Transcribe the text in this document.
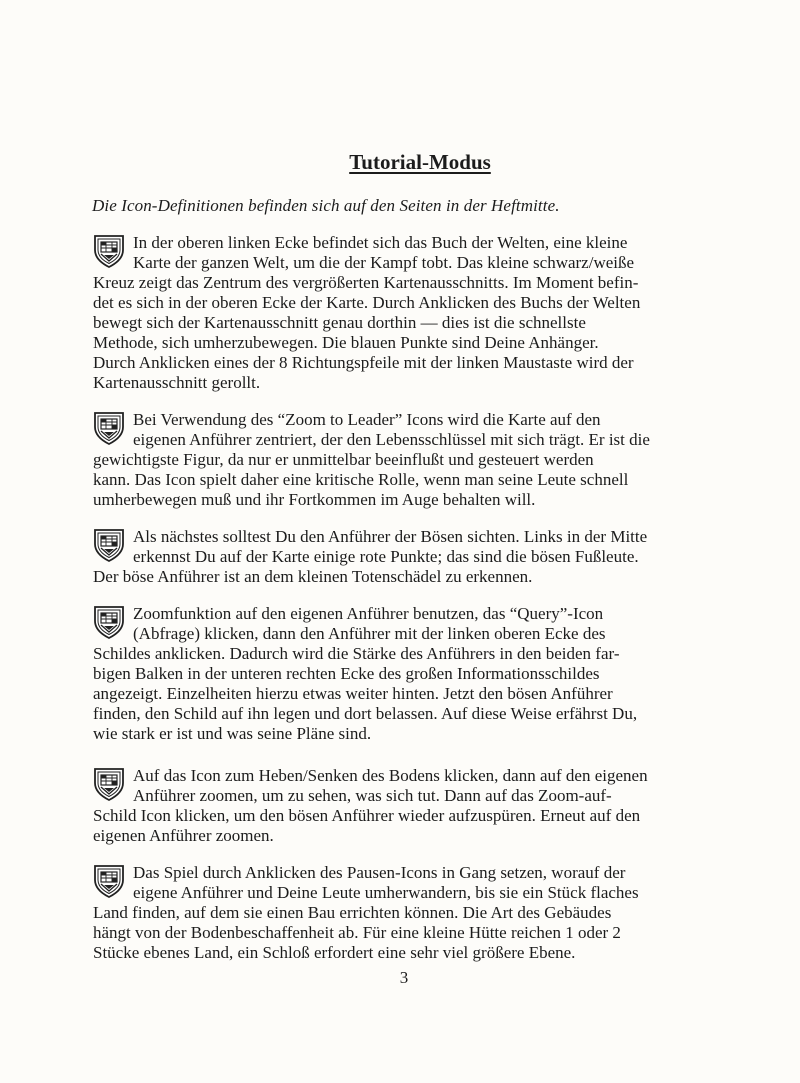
Tutorial-Modus
Die Icon-Definitionen befinden sich auf den Seiten in der Heftmitte.
In der oberen linken Ecke befindet sich das Buch der Welten, eine kleine
Karte der ganzen Welt, um die der Kampf tobt. Das kleine schwarz/weiße
Kreuz zeigt das Zentrum des vergrößerten Kartenausschnitts. Im Moment befin-
det es sich in der oberen Ecke der Karte. Durch Anklicken des Buchs der Welten
bewegt sich der Kartenausschnitt genau dorthin — dies ist die schnellste
Methode, sich umherzubewegen. Die blauen Punkte sind Deine Anhänger.
Durch Anklicken eines der 8 Richtungspfeile mit der linken Maustaste wird der
Kartenausschnitt gerollt.
Bei Verwendung des “Zoom to Leader” Icons wird die Karte auf den
eigenen Anführer zentriert, der den Lebensschlüssel mit sich trägt. Er ist die
gewichtigste Figur, da nur er unmittelbar beeinflußt und gesteuert werden
kann. Das Icon spielt daher eine kritische Rolle, wenn man seine Leute schnell
umherbewegen muß und ihr Fortkommen im Auge behalten will.
Als nächstes solltest Du den Anführer der Bösen sichten. Links in der Mitte
erkennst Du auf der Karte einige rote Punkte; das sind die bösen Fußleute.
Der böse Anführer ist an dem kleinen Totenschädel zu erkennen.
Zoomfunktion auf den eigenen Anführer benutzen, das “Query”-Icon
(Abfrage) klicken, dann den Anführer mit der linken oberen Ecke des
Schildes anklicken. Dadurch wird die Stärke des Anführers in den beiden far-
bigen Balken in der unteren rechten Ecke des großen Informationsschildes
angezeigt. Einzelheiten hierzu etwas weiter hinten. Jetzt den bösen Anführer
finden, den Schild auf ihn legen und dort belassen. Auf diese Weise erfährst Du,
wie stark er ist und was seine Pläne sind.
Auf das Icon zum Heben/Senken des Bodens klicken, dann auf den eigenen
Anführer zoomen, um zu sehen, was sich tut. Dann auf das Zoom-auf-
Schild Icon klicken, um den bösen Anführer wieder aufzuspüren. Erneut auf den
eigenen Anführer zoomen.
Das Spiel durch Anklicken des Pausen-Icons in Gang setzen, worauf der
eigene Anführer und Deine Leute umherwandern, bis sie ein Stück flaches
Land finden, auf dem sie einen Bau errichten können. Die Art des Gebäudes
hängt von der Bodenbeschaffenheit ab. Für eine kleine Hütte reichen 1 oder 2
Stücke ebenes Land, ein Schloß erfordert eine sehr viel größere Ebene.
3
